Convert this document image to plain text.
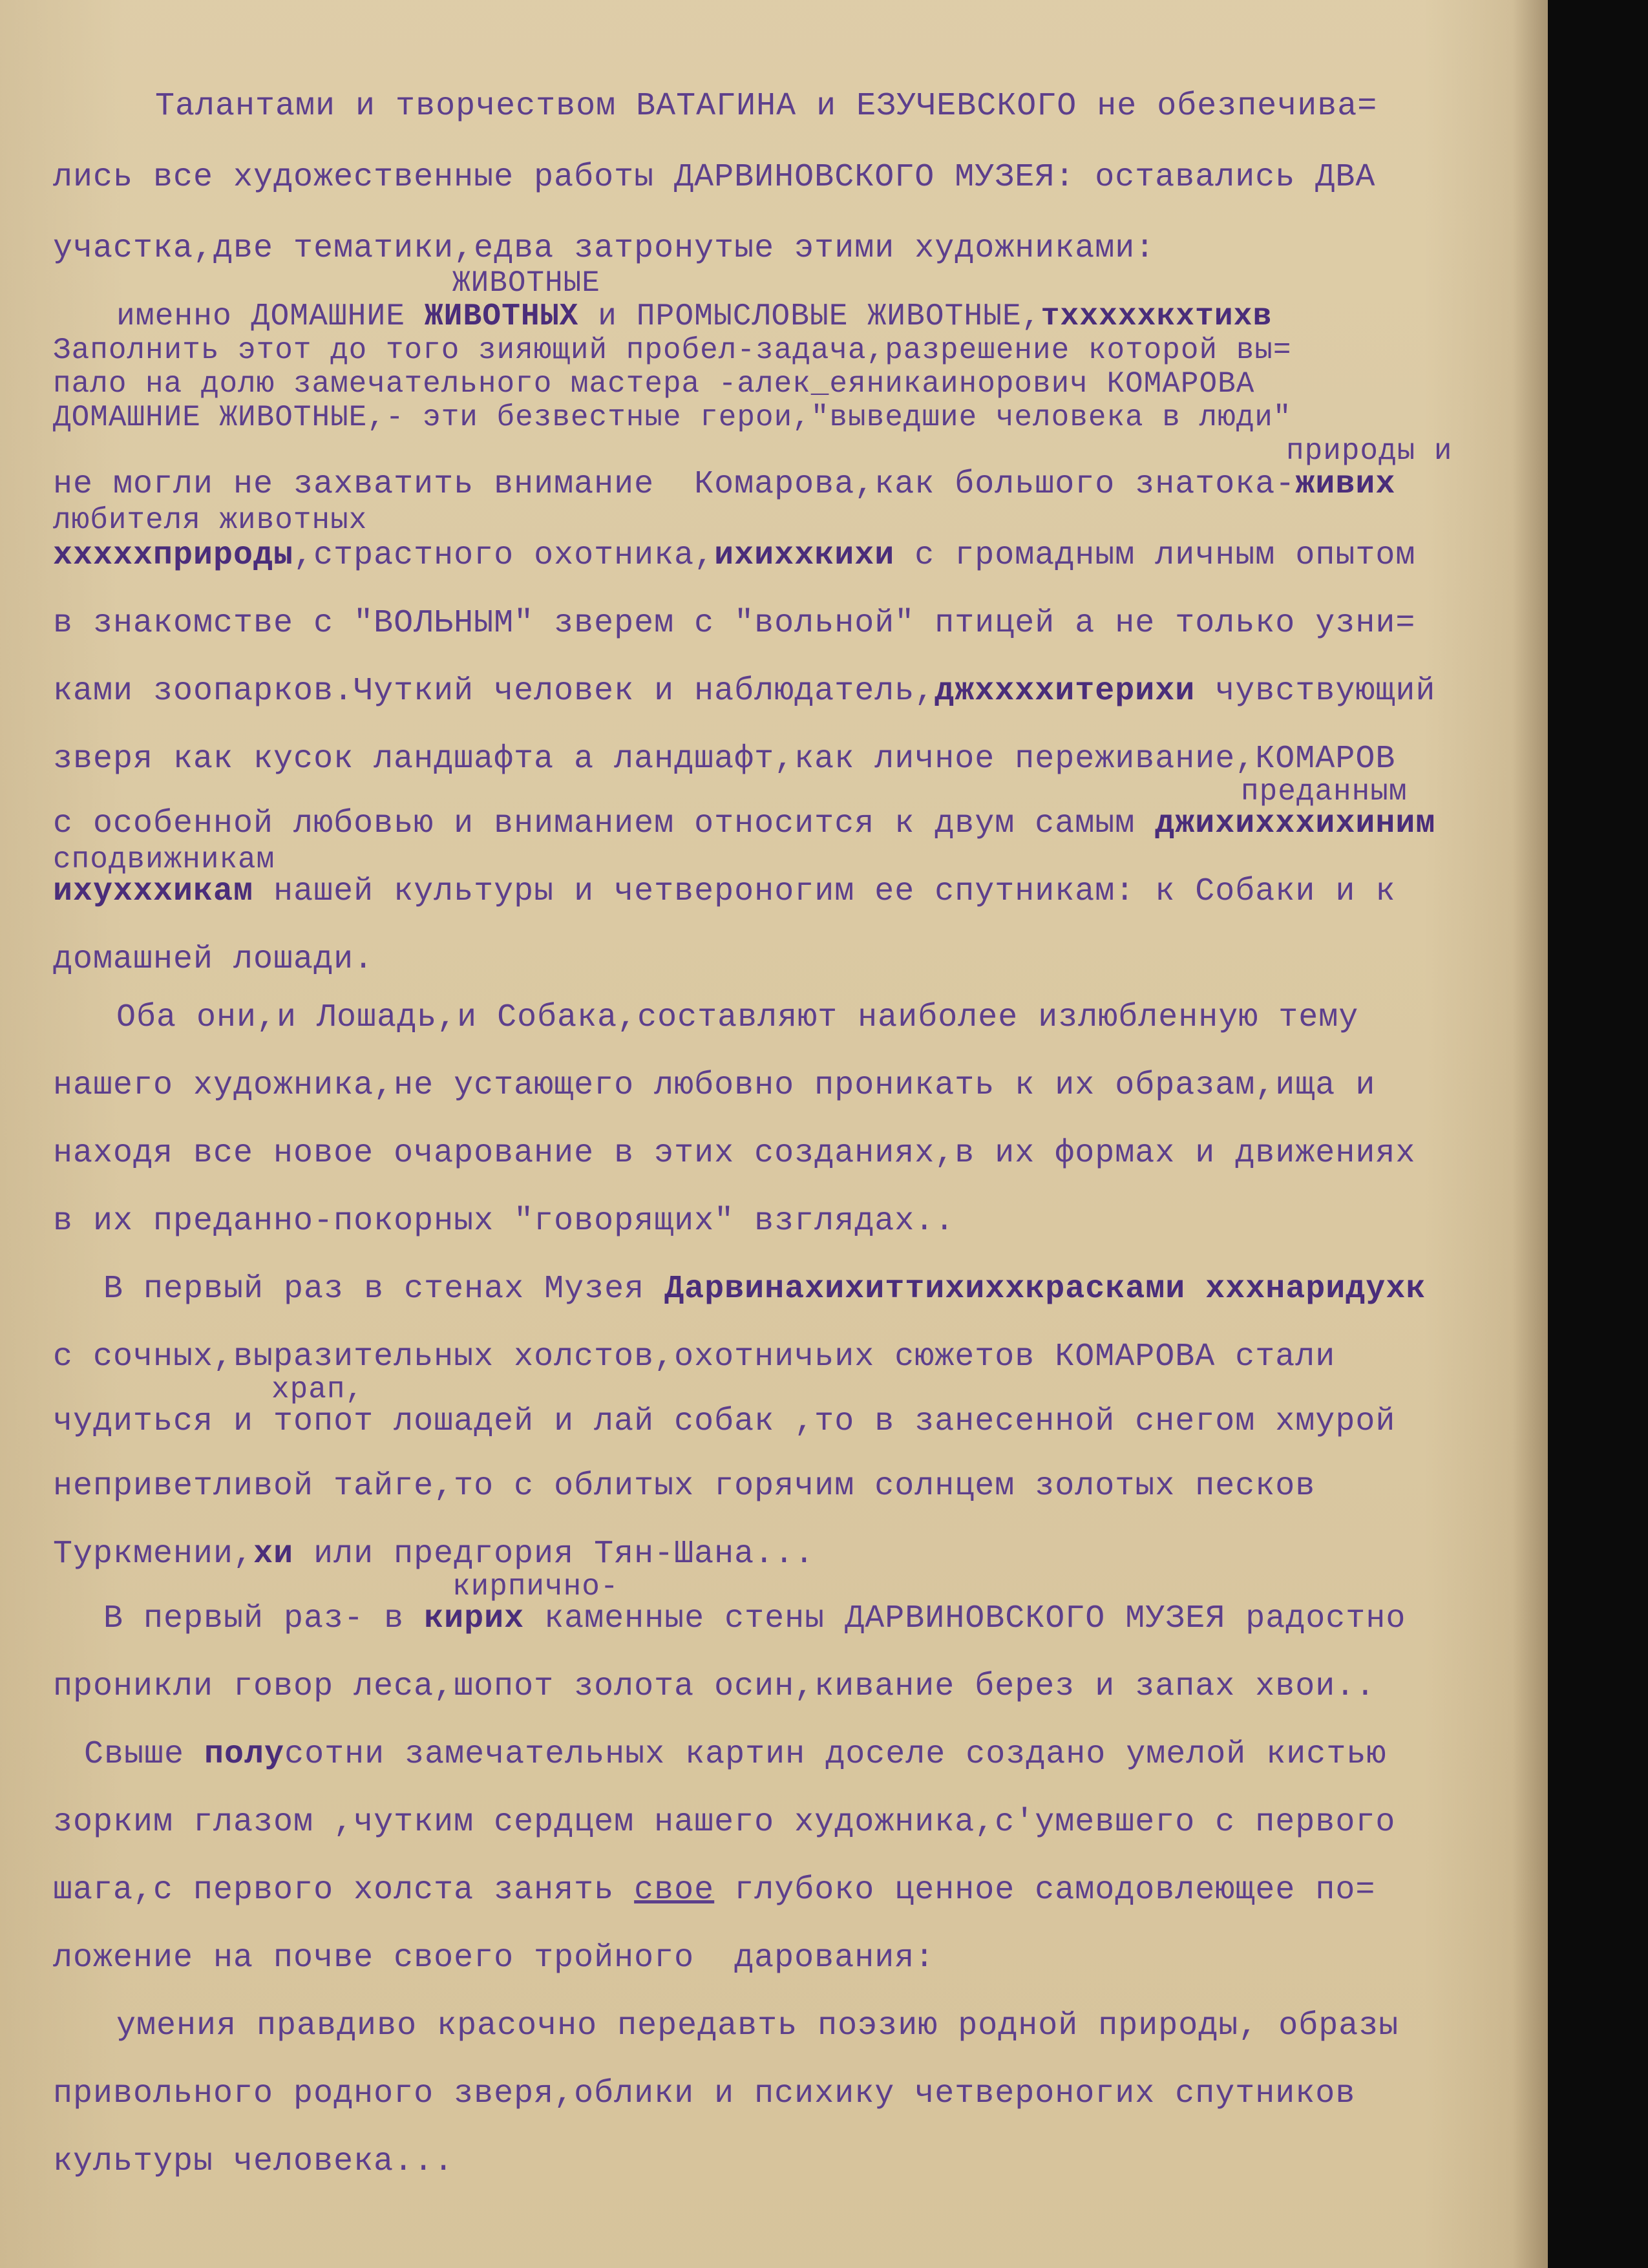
Талантами и творчеством ВАТАГИНА и ЕЗУЧЕВСКОГО не обезпечива=

лись все художественные работы ДАРВИНОВСКОГО МУЗЕЯ: оставались ДВА

участка,две тематики,едва затронутые этими художниками:

ЖИВОТНЫЕ

именно ДОМАШНИЕ ЖИВОТНЫХ и ПРОМЫСЛОВЫЕ ЖИВОТНЫЕ,тхххххкхтихв

Заполнить этот до того зияющий пробел-задача,разрешение которой вы=

пало на долю замечательного мастера -алек_еяникаинорович КОМАРОВА

ДОМАШНИЕ ЖИВОТНЫЕ,- эти безвестные герои,"выведшие человека в люди"

природы и

не могли не захватить внимание  Комарова,как большого знатока-живих

любителя животных

хххххприроды,страстного охотника,ихиххкихи с громадным личным опытом

в знакомстве с "ВОЛЬНЫМ" зверем с "вольной" птицей а не только узни=

ками зоопарков.Чуткий человек и наблюдатель,джххххитерихи чувствующий

зверя как кусок ландшафта а ландшафт,как личное переживание,КОМАРОВ

преданным

с особенной любовью и вниманием относится к двум самым джихихххихиним

сподвижникам

ихухххикам нашей культуры и четвероногим ее спутникам: к Собаки и к

домашней лошади.

Оба они,и Лошадь,и Собака,составляют наиболее излюбленную тему

нашего художника,не устающего любовно проникать к их образам,ища и

находя все новое очарование в этих созданиях,в их формах и движениях

в их преданно-покорных "говорящих" взглядах..

В первый раз в стенах Музея Дарвинахихиттихиххкрасками хххнаридухк

с сочных,выразительных холстов,охотничьих сюжетов КОМАРОВА стали

храп,

чудиться и топот лошадей и лай собак ,то в занесенной снегом хмурой

неприветливой тайге,то с облитых горячим солнцем золотых песков

Туркмении,хи или предгория Тян-Шана...

кирпично-

В первый раз- в кирих каменные стены ДАРВИНОВСКОГО МУЗЕЯ радостно

проникли говор леса,шопот золота осин,кивание берез и запах хвои..

Свыше полусотни замечательных картин доселе создано умелой кистью

зорким глазом ,чутким сердцем нашего художника,с'умевшего с первого

шага,с первого холста занять свое глубоко ценное самодовлеющее по=

ложение на почве своего тройного  дарования:

умения правдиво красочно передавть поэзию родной природы, образы

привольного родного зверя,облики и психику четвероногих спутников

культуры человека...
